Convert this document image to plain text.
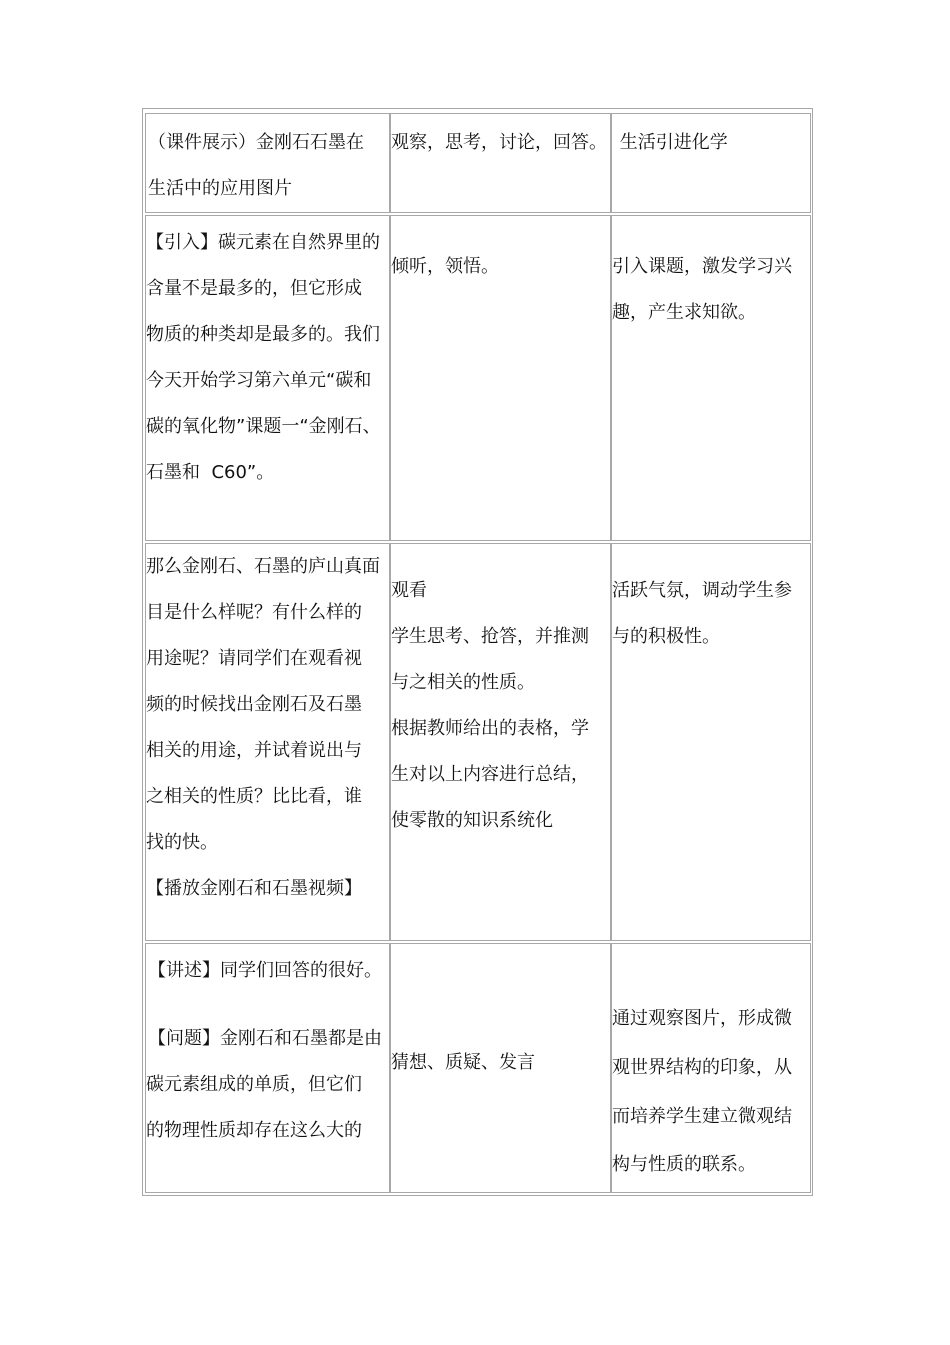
（课件展示）金刚石石墨在
生活中的应用图片
观察，思考，讨论，回答。 生活引进化学
【引入】碳元素在自然界里的
含量不是最多的，但它形成
物质的种类却是最多的。我们
今天开始学习第六单元“碳和
碳的氧化物”课题一“金刚石、
石墨和  C60”。
倾听，领悟。	引入课题，激发学习兴
趣，产生求知欲。
那么金刚石、石墨的庐山真面
目是什么样呢？有什么样的
用途呢？请同学们在观看视
频的时候找出金刚石及石墨
相关的用途，并试着说出与
之相关的性质？比比看，谁
找的快。
【播放金刚石和石墨视频】
观看
学生思考、抢答，并推测
与之相关的性质。
根据教师给出的表格，学
生对以上内容进行总结，
使零散的知识系统化
活跃气氛，调动学生参
与的积极性。
【讲述】同学们回答的很好。
【问题】金刚石和石墨都是由
碳元素组成的单质，但它们
的物理性质却存在这么大的
猜想、质疑、发言
通过观察图片，形成微
观世界结构的印象，从
而培养学生建立微观结
构与性质的联系。
